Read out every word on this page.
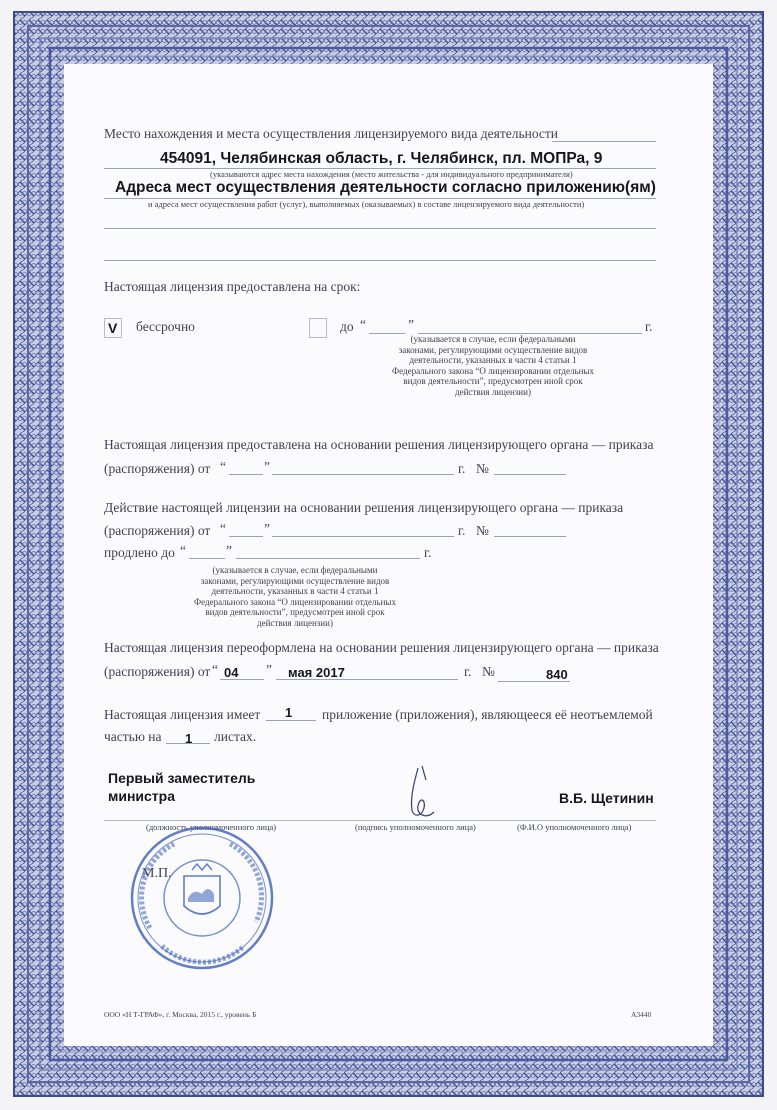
Место нахождения и места осуществления лицензируемого вида деятельности
454091, Челябинская область, г. Челябинск, пл. МОПРа, 9
(указываются адрес места нахождения (место жительства - для индивидуального предпринимателя)
Адреса мест осуществления деятельности согласно приложению(ям)
и адреса мест осуществления работ (услуг), выполняемых (оказываемых) в составе лицензируемого вида деятельности)
Настоящая лицензия предоставлена на срок:
V бессрочно	до “	”	г.
(указывается в случае, если федеральными
законами, регулирующими осуществление видов
деятельности, указанных в части 4 статьи 1
Федерального закона “О лицензировании отдельных
видов деятельности”, предусмотрен иной срок
действия лицензии)
Настоящая лицензия предоставлена на основании решения лицензирующего органа — приказа
(распоряжения) от “	”	г. №
Действие настоящей лицензии на основании решения лицензирующего органа — приказа
(распоряжения) от “	”	г. №
продлено до “	”	г.
(указывается в случае, если федеральными
законами, регулирующими осуществление видов
деятельности, указанных в части 4 статьи 1
Федерального закона “О лицензировании отдельных
видов деятельности”, предусмотрен иной срок
действия лицензии)
Настоящая лицензия переоформлена на основании решения лицензирующего органа — приказа
(распоряжения) от “ 04 ” мая 2017	г. №	840
Настоящая лицензия имеет 1 приложение (приложения), являющееся её неотъемлемой
частью на 1 листах.
Первый заместитель
министра	В.Б. Щетинин
(должность уполномоченного лица)	(подпись уполномоченного лица)	(Ф.И.О уполномоченного лица)
М.П.
ООО «Н Т-ГРАФ», г. Москва, 2015 г., уровень Б	А3440
